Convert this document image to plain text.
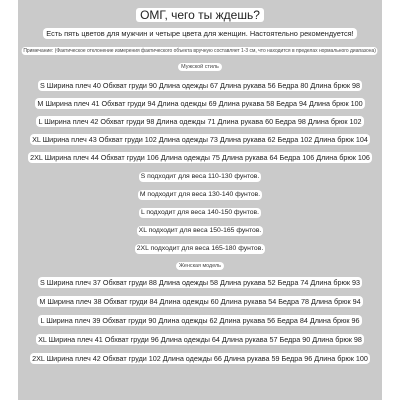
ОМГ, чего ты ждешь?
Есть пять цветов для мужчин и четыре цвета для женщин. Настоятельно рекомендуется!
Примечание: (Фактическое отклонение измерения фактического объекта вручную составляет 1-3 см, что находится в пределах нормального диапазона)
Мужской стиль
S Ширина плеч 40 Обхват груди 90 Длина одежды 67 Длина рукава 56 Бедра 80 Длина брюк 98
M Ширина плеч 41 Обхват груди 94 Длина одежды 69 Длина рукава 58 Бедра 94 Длина брюк 100
L Ширина плеч 42 Обхват груди 98 Длина одежды 71 Длина рукава 60 Бедра 98 Длина брюк 102
XL Ширина плеч 43 Обхват груди 102 Длина одежды 73 Длина рукава 62 Бедра 102 Длина брюк 104
2XL Ширина плеч 44 Обхват груди 106 Длина одежды 75 Длина рукава 64 Бедра 106 Длина брюк 106
S подходит для веса 110-130 фунтов.
M подходит для веса 130-140 фунтов.
L подходит для веса 140-150 фунтов.
XL подходит для веса 150-165 фунтов.
2XL подходит для веса 165-180 фунтов.
Женская модель
S Ширина плеч 37 Обхват груди 88 Длина одежды 58 Длина рукава 52 Бедра 74 Длина брюк 93
M Ширина плеч 38 Обхват груди 84 Длина одежды 60 Длина рукава 54 Бедра 78 Длина брюк 94
L Ширина плеч 39 Обхват груди 90 Длина одежды 62 Длина рукава 56 Бедра 84 Длина брюк 96
XL Ширина плеч 41 Обхват груди 96 Длина одежды 64 Длина рукава 57 Бедра 90 Длина брюк 98
2XL Ширина плеч 42 Обхват груди 102 Длина одежды 66 Длина рукава 59 Бедра 96 Длина брюк 100
